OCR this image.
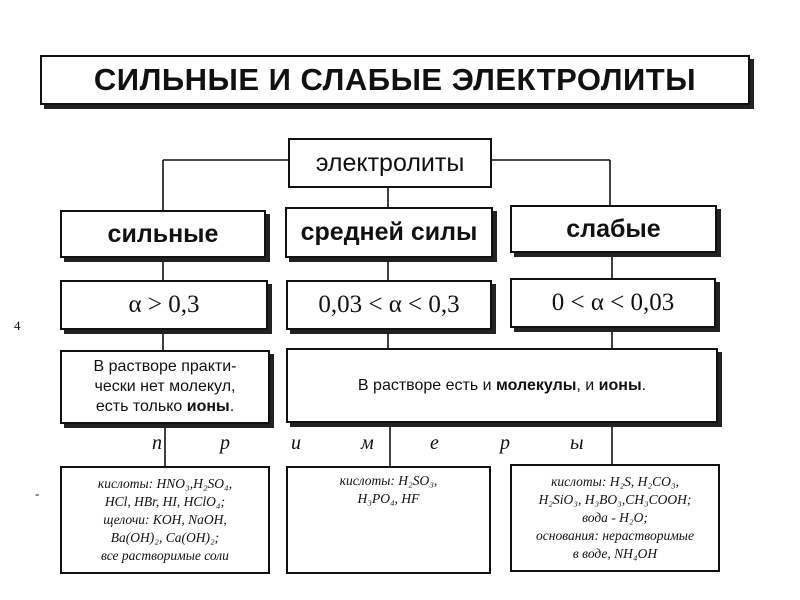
СИЛЬНЫЕ И СЛАБЫЕ ЭЛЕКТРОЛИТЫ
электролиты
сильные	средней силы	слабые
α > 0,3	0,03 < α < 0,3	0 < α < 0,03
В растворе практи-
чески нет молекул,
есть только ионы.
В растворе есть и молекулы, и ионы.
п	р	и	м	е	р	ы
кислоты: HNO₃,H₂SO₄,
HCl, HBr, HI, HClO₄;
щелочи: KOH, NaOH,
Ba(OH)₂, Ca(OH)₂;
все растворимые соли
кислоты: H₂SO₃,
H₃PO₄, HF
кислоты: H₂S, H₂CO₃,
H₂SiO₃, H₃BO₃,CH₃COOH;
вода - H₂O;
основания: нерастворимые
в воде, NH₄OH
4
-
